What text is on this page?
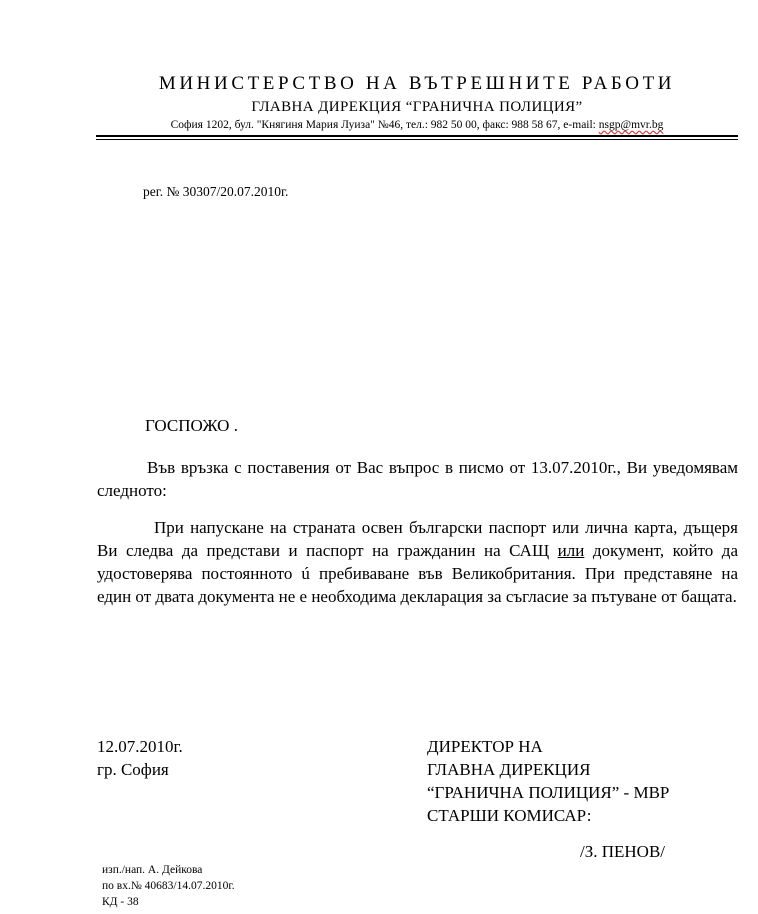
МИНИСТЕРСТВО НА ВЪТРЕШНИТЕ РАБОТИ
ГЛАВНА ДИРЕКЦИЯ “ГРАНИЧНА ПОЛИЦИЯ”
София 1202, бул. "Княгиня Мария Луиза" №46, тел.: 982 50 00, факс: 988 58 67, e-mail: nsgp@mvr.bg
рег. № 30307/20.07.2010г.
ГОСПОЖО .
Във връзка с поставения от Вас въпрос в писмо от 13.07.2010г., Ви уведомявам следното:
При напускане на страната освен български паспорт или лична карта, дъщеря Ви следва да представи и паспорт на гражданин на САЩ или документ, който да удостоверява постоянното ú пребиваване във Великобритания. При представяне на един от двата документа не е необходима декларация за съгласие за пътуване от бащата.
12.07.2010г.
гр. София
ДИРЕКТОР НА
ГЛАВНА ДИРЕКЦИЯ
“ГРАНИЧНА ПОЛИЦИЯ” - МВР
СТАРШИ КОМИСАР:
/З. ПЕНОВ/
изп./нап. А. Дейкова
по вх.№ 40683/14.07.2010г.
КД - 38
